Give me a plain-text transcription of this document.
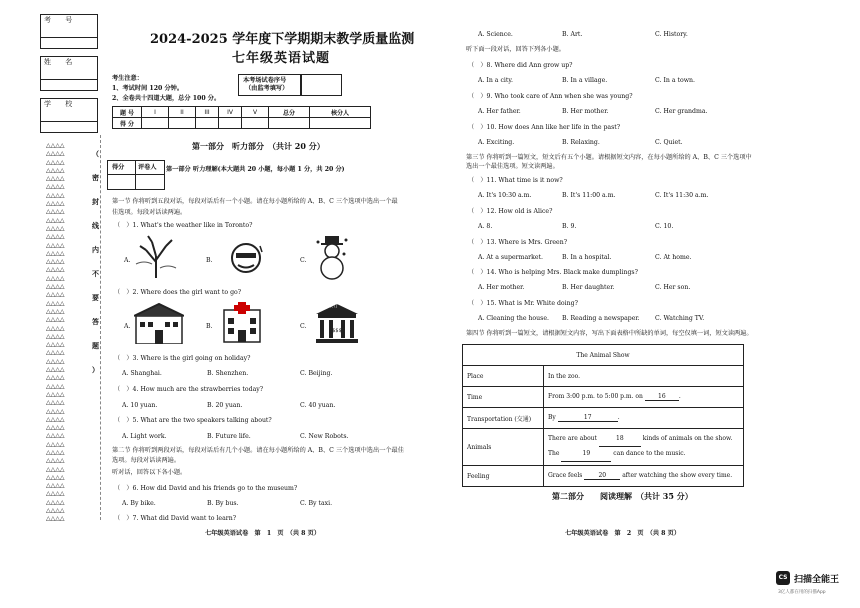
考 号
姓 名
学 校
△△△△
△△△△
△△△△
△△△△
△△△△
△△△△
△△△△
△△△△
△△△△
△△△△
△△△△
△△△△
△△△△
△△△△
△△△△
△△△△
△△△△
△△△△
△△△△
△△△△
△△△△
△△△△
△△△△
△△△△
△△△△
△△△△
△△△△
△△△△
△△△△
△△△△
△△△△
△△△△
△△△△
△△△△
△△△△
△△△△
△△△△
△△△△
△△△△
△△△△
△△△△
△△△△
△△△△
△△△△
△△△△
△△△△
2024-2025 学年度下学期期末教学质量监测
七年级英语试题
考生注意：
1、考试时间 120 分钟。
2、全卷共十四道大题，总分 100 分。
本考场试卷序号
（由监考填写）
题 号	I	II	III	IV	V	总分	核分人
得 分							
第一部分　听力部分　（共计 20 分）
得分 评卷人 第一部分 听力理解(本大题共 20 小题，每小题 1 分，共 20 分)
第一节 你将听到五段对话，每段对话后有一个小题。请在每小题所给的 A、B、C 三个选项中选出一个最
佳选项。每段对话读两遍。
（　）1. What's the weather like in Toronto?
A.	B.	C.
（　）2. Where does the girl want to go?
A.	B.	C.
$$$
银行
（　）3. Where is the girl going on holiday?
A. Shanghai.	B. Shenzhen.	C. Beijing.
（　）4. How much are the strawberries today?
A. 10 yuan.	B. 20 yuan.	C. 40 yuan.
（　）5. What are the two speakers talking about?
A. Light work.	B. Future life.	C. New Robots.
第二节 你将听到两段对话，每段对话后有几个小题。请在每小题所给的 A、B、C 三个选项中选出一个最佳
选项。每段对话读两遍。
听对话，回答以下各小题。
（　）6. How did David and his friends go to the museum?
A. By bike.	B. By bus.	C. By taxi.
（　）7. What did David want to learn?
七年级英语试卷　第　1　页　（共 8 页）
A. Science.	B. Art.	C. History.
听下面一段对话，回答下列各小题。
第三节 你将听到一篇短文，短文后有五个小题。请根据短文内容，在每小题所给的 A、B、C 三个选项中
选出一个最佳选项。短文读两遍。
第四节 你将听到一篇短文，请根据短文内容，写出下面表格中所缺的单词，每空仅填一词，短文读两遍。
The Animal Show	
Place	In the zoo.
Time	From 3:00 p.m. to 5:00 p.m. on 16 .
Transportation (交通)	By 17 .
Animals	There are about 18 kinds of animals on the show.
The 19 can dance to the music.
Feeling	Grace feels 20 after watching the show every time.
第二部分　　阅读理解　（共计 35 分）
七年级英语试卷　第　2　页　（共 8 页）
CS 扫描全能王
3亿人都在用的扫描App
（
密
封
线
内
不
要
答
题
）
（　）8. Where did Ann grow up?
A. In a city.	B. In a village.	C. In a town.
（　）9. Who took care of Ann when she was young?
A. Her father.	B. Her mother.	C. Her grandma.
（　）10. How does Ann like her life in the past?
A. Exciting.	B. Relaxing.	C. Quiet.
（　）11. What time is it now?
A. It's 10:30 a.m.	B. It's 11:00 a.m.	C. It's 11:30 a.m.
（　）12. How old is Alice?
A. 8.	B. 9.	C. 10.
（　）13. Where is Mrs. Green?
A. At a supermarket.	B. In a hospital.	C. At home.
（　）14. Who is helping Mrs. Black make dumplings?
A. Her mother.	B. Her daughter.	C. Her son.
（　）15. What is Mr. White doing?
A. Cleaning the house. B. Reading a newspaper. C. Watching TV.
